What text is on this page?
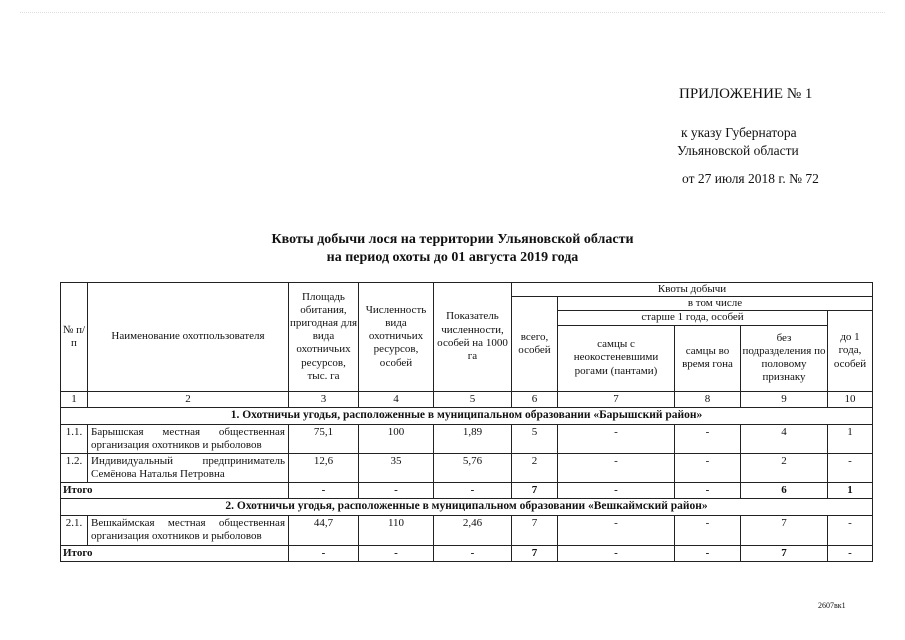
ПРИЛОЖЕНИЕ № 1
к указу Губернатора
Ульяновской области
от 27 июля 2018 г. № 72
Квоты добычи лося на территории Ульяновской области
на период охоты до 01 августа 2019 года
№ п/п	Наименование охотпользователя	Площадь обитания, пригодная для вида охотничьих ресурсов, тыс. га	Численность вида охотничьих ресурсов, особей	Показатель численности, особей на 1000 га	Квоты добычи				
					всего, особей	в том числе			
						старше 1 года, особей			до 1 года, особей
						самцы с неокостеневшими рогами (пантами)	самцы во время гона	без подразделения по половому признаку	
1	2	3	4	5	6	7	8	9	10
1. Охотничьи угодья, расположенные в муниципальном образовании «Барышский район»									
1.1.	Барышская местная общественная организация охотников и рыболовов	75,1	100	1,89	5	-	-	4	1
1.2.	Индивидуальный предприниматель Семёнова Наталья Петровна	12,6	35	5,76	2	-	-	2	-
Итого		-	-	-	7	-	-	6	1
2. Охотничьи угодья, расположенные в муниципальном образовании «Вешкаймский район»									
2.1.	Вешкаймская местная общественная организация охотников и рыболовов	44,7	110	2,46	7	-	-	7	-
Итого		-	-	-	7	-	-	7	-
2607вк1
